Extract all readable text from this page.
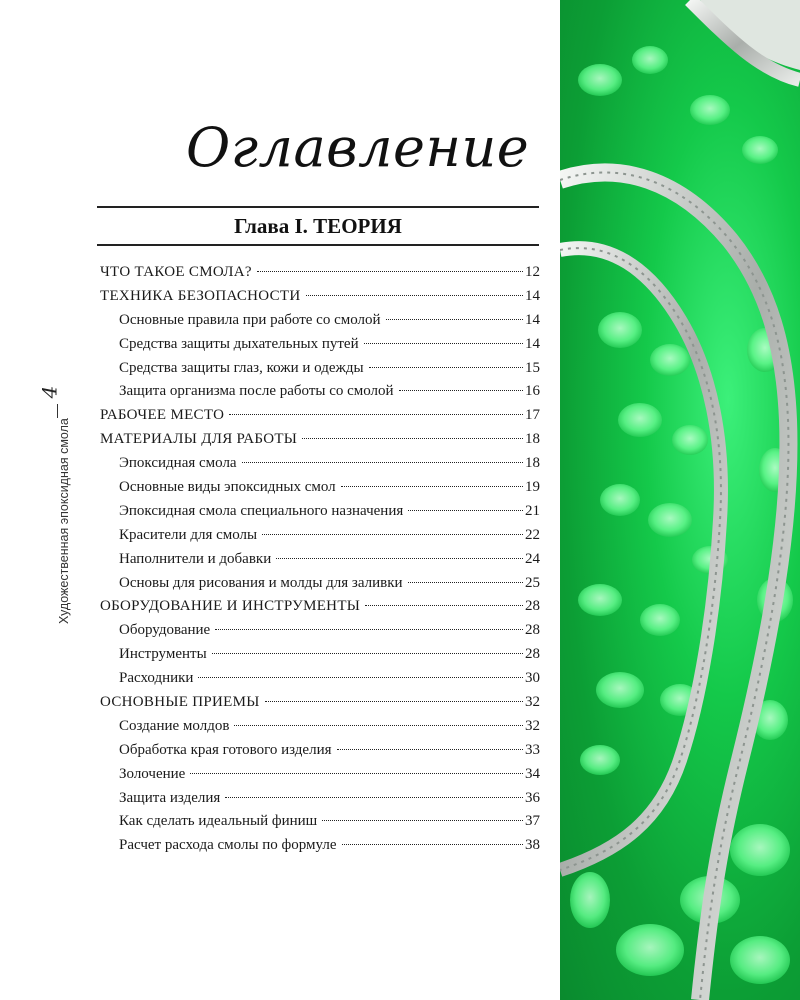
4
Художественная эпоксидная смола
Оглавление
Глава I. ТЕОРИЯ
ЧТО ТАКОЕ СМОЛА?	12
ТЕХНИКА БЕЗОПАСНОСТИ	14
Основные правила при работе со смолой	14
Средства защиты дыхательных путей	14
Средства защиты глаз, кожи и одежды	15
Защита организма после работы со смолой	16
РАБОЧЕЕ МЕСТО	17
МАТЕРИАЛЫ ДЛЯ РАБОТЫ	18
Эпоксидная смола	18
Основные виды эпоксидных смол	19
Эпоксидная смола специального назначения	21
Красители для смолы	22
Наполнители и добавки	24
Основы для рисования и молды для заливки	25
ОБОРУДОВАНИЕ И ИНСТРУМЕНТЫ	28
Оборудование	28
Инструменты	28
Расходники	30
ОСНОВНЫЕ ПРИЕМЫ	32
Создание молдов	32
Обработка края готового изделия	33
Золочение	34
Защита изделия	36
Как сделать идеальный финиш	37
Расчет расхода смолы по формуле	38
